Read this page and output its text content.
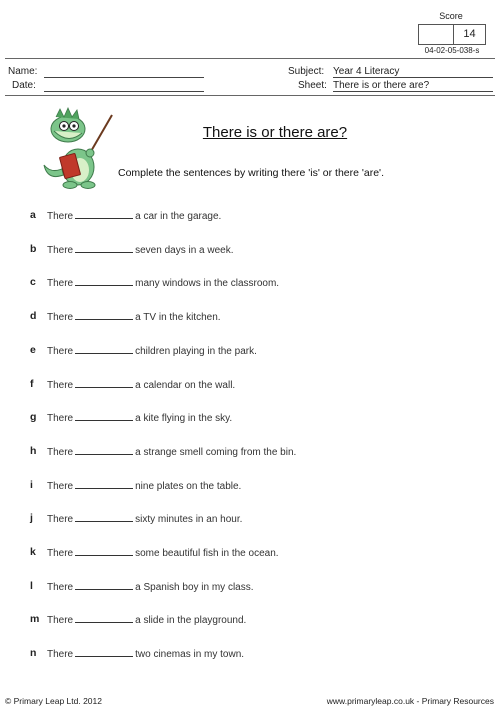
Score
14
04-02-05-038-s
Name:
Date:
Subject: Year 4 Literacy
Sheet: There is or there are?
There is or there are?
Complete the sentences by writing there 'is' or there 'are'.
a There	a car in the garage.
b There	seven days in a week.
c There	many windows in the classroom.
d There	a TV in the kitchen.
e There	children playing in the park.
f There	a calendar on the wall.
g There	a kite flying in the sky.
h There	a strange smell coming from the bin.
i There	nine plates on the table.
j There	sixty minutes in an hour.
k There	some beautiful fish in the ocean.
l There	a Spanish boy in my class.
m There	a slide in the playground.
n There	two cinemas in my town.
© Primary Leap Ltd. 2012	www.primaryleap.co.uk - Primary Resources
